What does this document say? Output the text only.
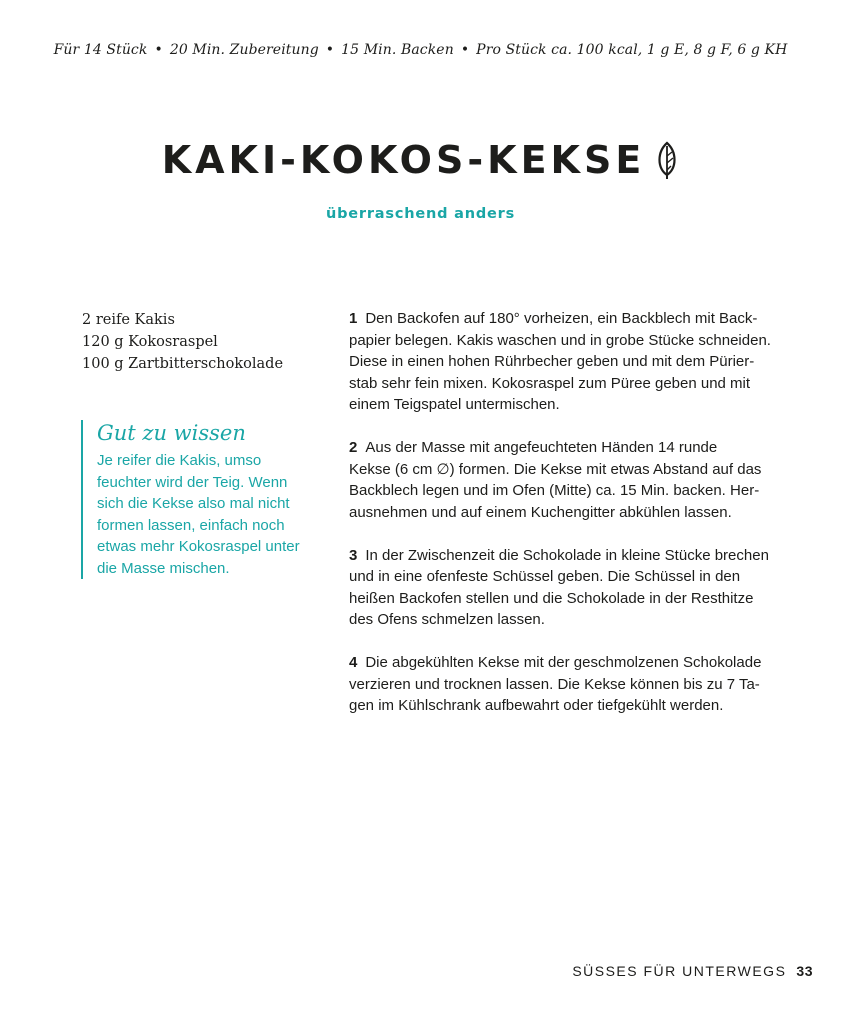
Für 14 Stück • 20 Min. Zubereitung • 15 Min. Backen • Pro Stück ca. 100 kcal, 1 g E, 8 g F, 6 g KH
KAKI-KOKOS-KEKSE
überraschend anders
2 reife Kakis
120 g Kokosraspel
100 g Zartbitterschokolade
Gut zu wissen
Je reifer die Kakis, umso
feuchter wird der Teig. Wenn
sich die Kekse also mal nicht
formen lassen, einfach noch
etwas mehr Kokosraspel unter
die Masse mischen.
1 Den Backofen auf 180° vorheizen, ein Backblech mit Back-
papier belegen. Kakis waschen und in grobe Stücke schneiden.
Diese in einen hohen Rührbecher geben und mit dem Pürier-
stab sehr fein mixen. Kokosraspel zum Püree geben und mit
einem Teigspatel untermischen.
2 Aus der Masse mit angefeuchteten Händen 14 runde
Kekse (6 cm ∅) formen. Die Kekse mit etwas Abstand auf das
Backblech legen und im Ofen (Mitte) ca. 15 Min. backen. Her-
ausnehmen und auf einem Kuchengitter abkühlen lassen.
3 In der Zwischenzeit die Schokolade in kleine Stücke brechen
und in eine ofenfeste Schüssel geben. Die Schüssel in den
heißen Backofen stellen und die Schokolade in der Resthitze
des Ofens schmelzen lassen.
4 Die abgekühlten Kekse mit der geschmolzenen Schokolade
verzieren und trocknen lassen. Die Kekse können bis zu 7 Ta-
gen im Kühlschrank aufbewahrt oder tiefgekühlt werden.
SÜSSES FÜR UNTERWEGS 33
